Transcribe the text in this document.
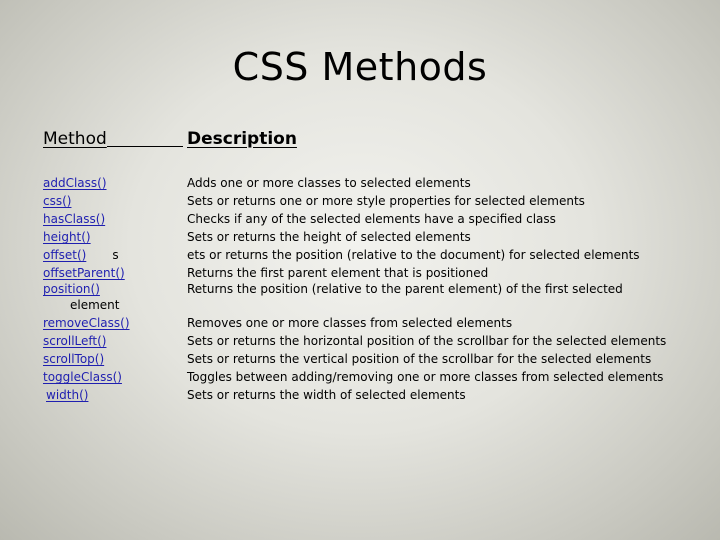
CSS Methods
Method	Description
addClass()
css()
hasClass()
height()
offset() s
offsetParent()
position()
element
removeClass()
scrollLeft()
scrollTop()
toggleClass()
width()
Adds one or more classes to selected elements
Sets or returns one or more style properties for selected elements
Checks if any of the selected elements have a specified class
Sets or returns the height of selected elements
ets or returns the position (relative to the document) for selected elements
Returns the first parent element that is positioned
Returns the position (relative to the parent element) of the first selected
Removes one or more classes from selected elements
Sets or returns the horizontal position of the scrollbar for the selected elements
Sets or returns the vertical position of the scrollbar for the selected elements
Toggles between adding/removing one or more classes from selected elements
Sets or returns the width of selected elements
